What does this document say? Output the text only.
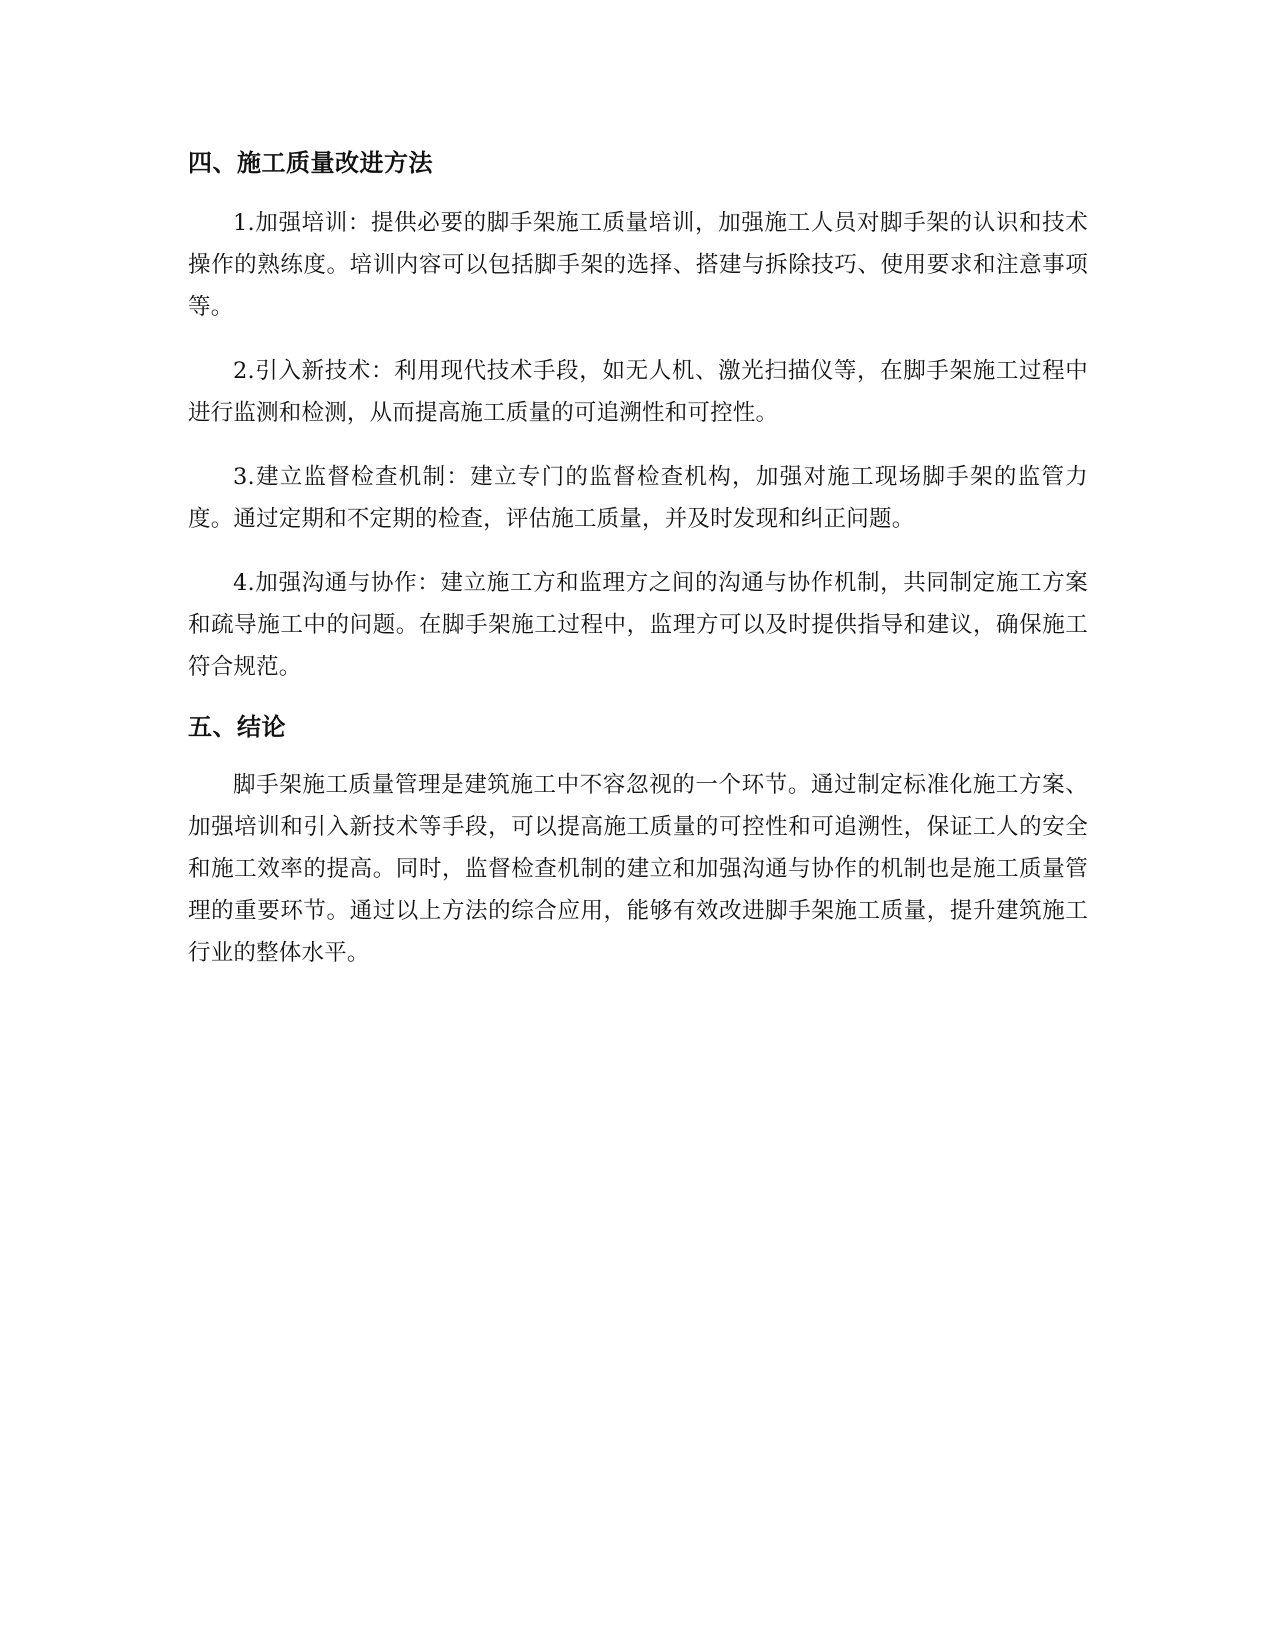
四、施工质量改进方法

1.加强培训：提供必要的脚手架施工质量培训，加强施工人员对脚手架的认识和技术操作的熟练度。培训内容可以包括脚手架的选择、搭建与拆除技巧、使用要求和注意事项等。

2.引入新技术：利用现代技术手段，如无人机、激光扫描仪等，在脚手架施工过程中进行监测和检测，从而提高施工质量的可追溯性和可控性。

3.建立监督检查机制：建立专门的监督检查机构，加强对施工现场脚手架的监管力度。通过定期和不定期的检查，评估施工质量，并及时发现和纠正问题。

4.加强沟通与协作：建立施工方和监理方之间的沟通与协作机制，共同制定施工方案和疏导施工中的问题。在脚手架施工过程中，监理方可以及时提供指导和建议，确保施工符合规范。

五、结论

脚手架施工质量管理是建筑施工中不容忽视的一个环节。通过制定标准化施工方案、加强培训和引入新技术等手段，可以提高施工质量的可控性和可追溯性，保证工人的安全和施工效率的提高。同时，监督检查机制的建立和加强沟通与协作的机制也是施工质量管理的重要环节。通过以上方法的综合应用，能够有效改进脚手架施工质量，提升建筑施工行业的整体水平。
